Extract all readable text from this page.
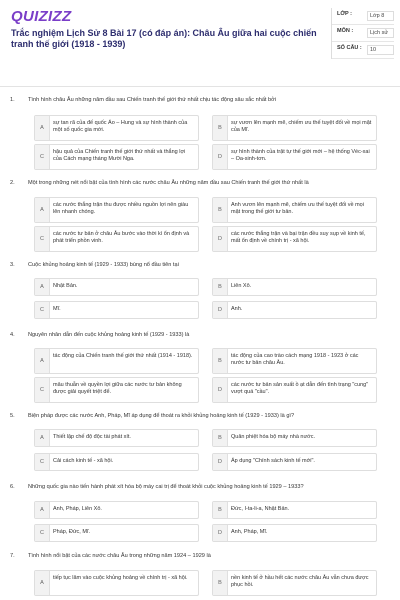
QUIZIZZ
Trắc nghiệm Lịch Sử 8 Bài 17 (có đáp án): Châu Âu giữa hai cuộc chiến tranh thế giới (1918 - 1939)
LỚP :	Lớp 8
MÔN :	Lịch sử
SỐ CÂU :	10
1. Tình hình châu Âu những năm đầu sau Chiến tranh thế giới thứ nhất chịu tác động sâu sắc nhất bởi
A
sự tan rã của đế quốc Áo – Hung và sự hình thành của một số quốc gia mới.	B
sự vươn lên mạnh mẽ, chiếm ưu thế tuyệt đối về mọi mặt của Mĩ.
C
hậu quả của Chiến tranh thế giới thứ nhất và thắng lợi của Cách mạng tháng Mười Nga.	D
sự hình thành của trật tự thế giới mới – hệ thống Véc-xai – Oa-sinh-tơn.
2. Một trong những nét nổi bật của tình hình các nước châu Âu những năm đầu sau Chiến tranh thế giới thứ nhất là
A
các nước thắng trận thu được nhiều nguồn lợi nên giàu lên nhanh chóng.	B
Anh vươn lên mạnh mẽ, chiếm ưu thế tuyệt đối về mọi mặt trong thế giới tư bản.
C
các nước tư bản ở châu Âu bước vào thời kì ổn định và phát triển phồn vinh.	D
các nước thắng trận và bại trận đều suy sụp về kinh tế, mất ổn định về chính trị - xã hội.
3. Cuộc khủng hoảng kinh tế (1929 - 1933) bùng nổ đầu tiên tại
A	Nhật Bản.	B	Liên Xô.
C	Mĩ.	D	Anh.
4. Nguyên nhân dẫn đến cuộc khủng hoảng kinh tế (1929 - 1933) là
A
tác động của Chiến tranh thế giới thứ nhất (1914 - 1918).
B
tác động của cao trào cách mạng 1918 - 1923 ở các nước tư bản châu Âu.
C
mâu thuẫn về quyền lợi giữa các nước tư bản không được giải quyết triệt để.	D
các nước tư bản sản xuất ồ ạt dẫn đến tình trạng "cung" vượt quá "cầu".
5. Biện pháp được các nước Anh, Pháp, Mĩ áp dụng để thoát ra khỏi khủng hoảng kinh tế (1929 - 1933) là gì?
A	Thiết lập chế độ độc tài phát xít.	B	Quân phiệt hóa bộ máy nhà nước.
C	Cải cách kinh tế - xã hội.	D	Áp dụng "Chính sách kinh tế mới".
6. Những quốc gia nào tiến hành phát xít hóa bộ máy cai trị để thoát khỏi cuộc khủng hoảng kinh tế 1929 – 1933?
A	Anh, Pháp, Liên Xô.	B	Đức, I-ta-li-a, Nhật Bản.
C	Pháp, Đức, Mĩ.	D	Anh, Pháp, Mĩ.
7. Tình hình nổi bật của các nước châu Âu trong những năm 1924 – 1929 là
A
tiếp tục lâm vào cuộc khủng hoảng về chính trị - xã hội.
B
nền kinh tế ở hầu hết các nước châu Âu vẫn chưa được phục hồi.
